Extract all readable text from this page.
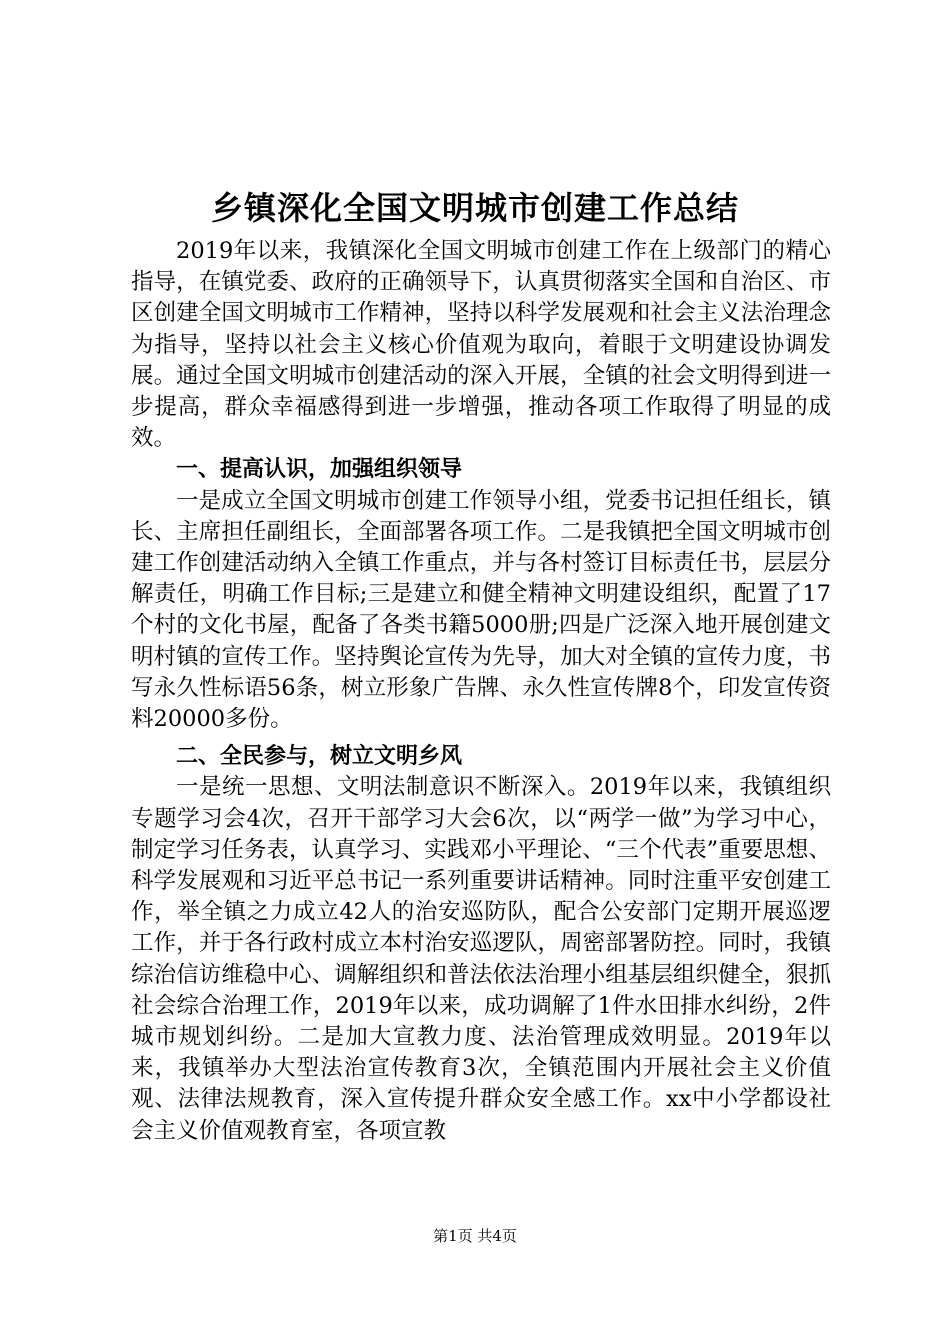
乡镇深化全国文明城市创建工作总结

2019年以来，我镇深化全国文明城市创建工作在上级部门的精心指导，在镇党委、政府的正确领导下，认真贯彻落实全国和自治区、市区创建全国文明城市工作精神，坚持以科学发展观和社会主义法治理念为指导，坚持以社会主义核心价值观为取向，着眼于文明建设协调发展。通过全国文明城市创建活动的深入开展，全镇的社会文明得到进一步提高，群众幸福感得到进一步增强，推动各项工作取得了明显的成效。

一、提高认识，加强组织领导

一是成立全国文明城市创建工作领导小组，党委书记担任组长，镇长、主席担任副组长，全面部署各项工作。二是我镇把全国文明城市创建工作创建活动纳入全镇工作重点，并与各村签订目标责任书，层层分解责任，明确工作目标;三是建立和健全精神文明建设组织，配置了17个村的文化书屋，配备了各类书籍5000册;四是广泛深入地开展创建文明村镇的宣传工作。坚持舆论宣传为先导，加大对全镇的宣传力度，书写永久性标语56条，树立形象广告牌、永久性宣传牌8个，印发宣传资料20000多份。

二、全民参与，树立文明乡风

一是统一思想、文明法制意识不断深入。2019年以来，我镇组织专题学习会4次，召开干部学习大会6次，以“两学一做”为学习中心，制定学习任务表，认真学习、实践邓小平理论、“三个代表”重要思想、科学发展观和习近平总书记一系列重要讲话精神。同时注重平安创建工作，举全镇之力成立42人的治安巡防队，配合公安部门定期开展巡逻工作，并于各行政村成立本村治安巡逻队，周密部署防控。同时，我镇综治信访维稳中心、调解组织和普法依法治理小组基层组织健全，狠抓社会综合治理工作，2019年以来，成功调解了1件水田排水纠纷，2件城市规划纠纷。二是加大宣教力度、法治管理成效明显。2019年以来，我镇举办大型法治宣传教育3次，全镇范围内开展社会主义价值观、法律法规教育，深入宣传提升群众安全感工作。xx中小学都设社会主义价值观教育室，各项宣教

第1页 共4页
